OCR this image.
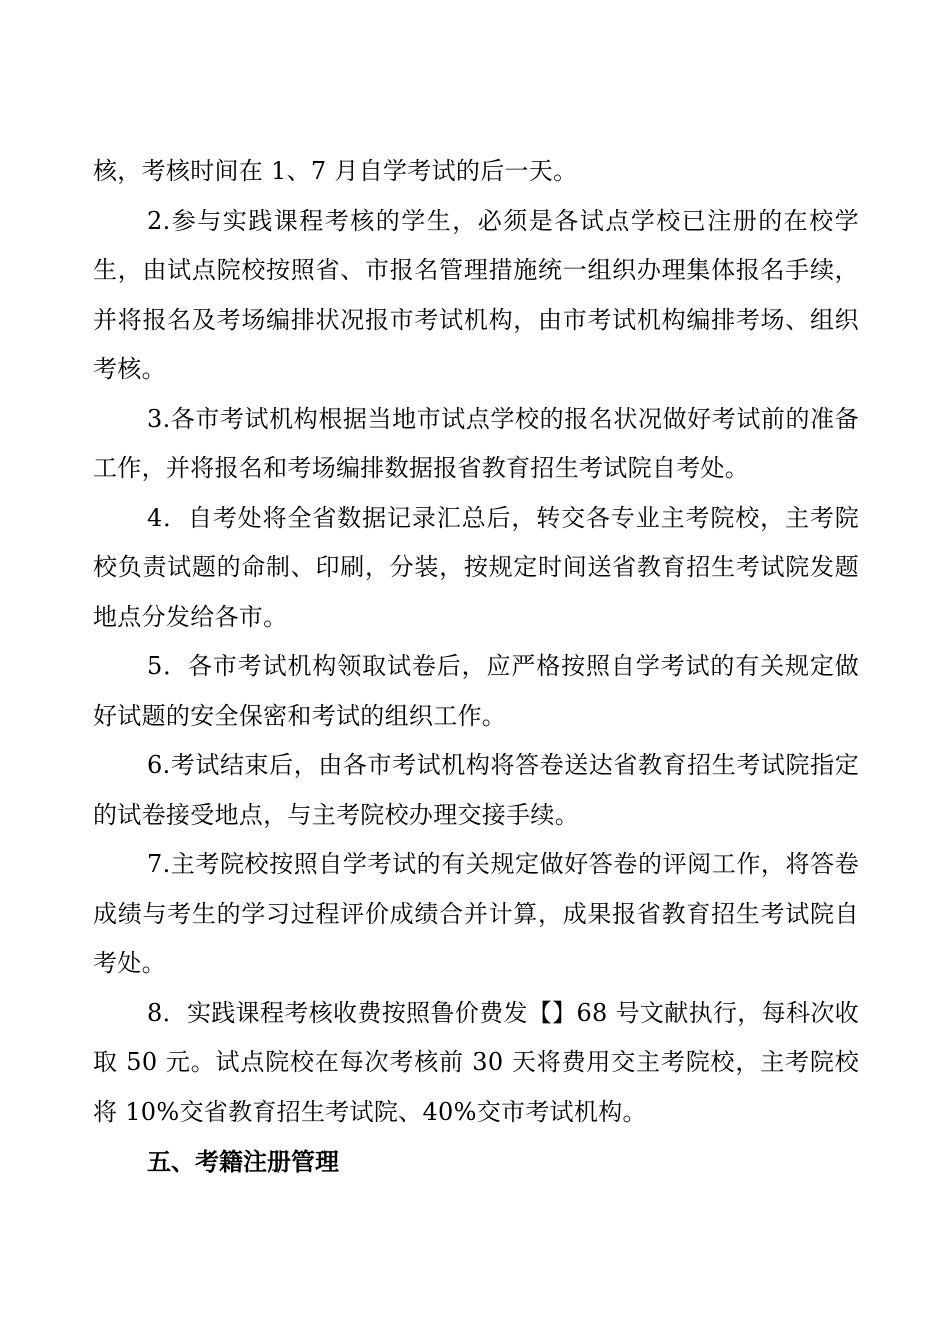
核，考核时间在 1、7 月自学考试的后一天。

2.参与实践课程考核的学生，必须是各试点学校已注册的在校学生，由试点院校按照省、市报名管理措施统一组织办理集体报名手续，并将报名及考场编排状况报市考试机构，由市考试机构编排考场、组织考核。

3.各市考试机构根据当地市试点学校的报名状况做好考试前的准备工作，并将报名和考场编排数据报省教育招生考试院自考处。

4．自考处将全省数据记录汇总后，转交各专业主考院校，主考院校负责试题的命制、印刷，分装，按规定时间送省教育招生考试院发题地点分发给各市。

5．各市考试机构领取试卷后，应严格按照自学考试的有关规定做好试题的安全保密和考试的组织工作。

6.考试结束后，由各市考试机构将答卷送达省教育招生考试院指定的试卷接受地点，与主考院校办理交接手续。

7.主考院校按照自学考试的有关规定做好答卷的评阅工作，将答卷成绩与考生的学习过程评价成绩合并计算，成果报省教育招生考试院自考处。

8．实践课程考核收费按照鲁价费发【】68 号文献执行，每科次收取 50 元。试点院校在每次考核前 30 天将费用交主考院校，主考院校将 10%交省教育招生考试院、40%交市考试机构。

五、考籍注册管理
